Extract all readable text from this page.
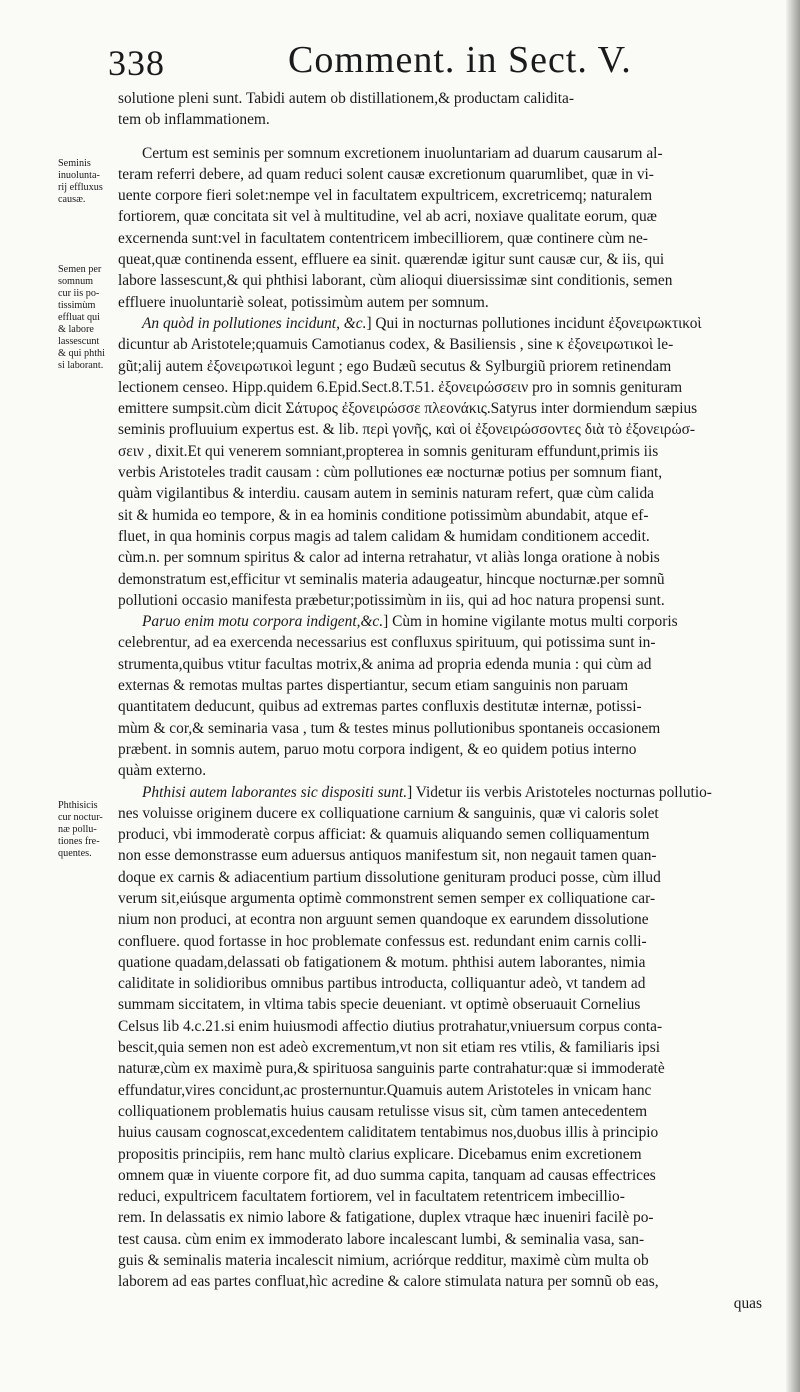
338	Comment. in Sect. V.
Seminis
inuolunta-
rij effluxus
causæ.
Semen per
somnum
cur iis po-
tissimùm
effluat qui
& labore
lassescunt
& qui phthi
si laborant.
Phthisicis
cur noctur-
næ pollu-
tiones fre-
quentes.
solutione pleni sunt. Tabidi autem ob distillationem,& productam calidita-
tem ob inflammationem.
Certum est seminis per somnum excretionem inuoluntariam ad duarum causarum al-
teram referri debere, ad quam reduci solent causæ excretionum quarumlibet, quæ in vi-
uente corpore fieri solet:nempe vel in facultatem expultricem, excretricemq; naturalem
fortiorem, quæ concitata sit vel à multitudine, vel ab acri, noxiave qualitate eorum, quæ
excernenda sunt:vel in facultatem contentricem imbecilliorem, quæ continere cùm ne-
queat,quæ continenda essent, effluere ea sinit. quærendæ igitur sunt causæ cur, & iis, qui
labore lassescunt,& qui phthisi laborant, cùm alioqui diuersissimæ sint conditionis, semen
effluere inuoluntariè soleat, potissimùm autem per somnum.
An quòd in pollutiones incidunt, &c.] Qui in nocturnas pollutiones incidunt ἐξονειρωκτικοὶ
dicuntur ab Aristotele;quamuis Camotianus codex, & Basiliensis , sine κ ἐξονειρωτικοὶ le-
gũt;alij autem ἐξονειρωτικοὶ legunt ; ego Budæũ secutus & Sylburgiũ priorem retinendam
lectionem censeo. Hipp.quidem 6.Epid.Sect.8.T.51. ἐξονειρώσσειν pro in somnis genituram
emittere sumpsit.cùm dicit Σάτυρος ἐξονειρώσσε πλεονάκις.Satyrus inter dormiendum sæpius
seminis profluuium expertus est. & lib. περὶ γονῆς, καὶ οἱ ἐξονειρώσσοντες διὰ τὸ ἐξονειρώσ-
σειν , dixit.Et qui venerem somniant,propterea in somnis genituram effundunt,primis iis
verbis Aristoteles tradit causam : cùm pollutiones eæ nocturnæ potius per somnum fiant,
quàm vigilantibus & interdiu. causam autem in seminis naturam refert, quæ cùm calida
sit & humida eo tempore, & in ea hominis conditione potissimùm abundabit, atque ef-
fluet, in qua hominis corpus magis ad talem calidam & humidam conditionem accedit.
cùm.n. per somnum spiritus & calor ad interna retrahatur, vt aliàs longa oratione à nobis
demonstratum est,efficitur vt seminalis materia adaugeatur, hincque nocturnæ.per somnũ
pollutioni occasio manifesta præbetur;potissimùm in iis, qui ad hoc natura propensi sunt.
Paruo enim motu corpora indigent,&c.] Cùm in homine vigilante motus multi corporis
celebrentur, ad ea exercenda necessarius est confluxus spirituum, qui potissima sunt in-
strumenta,quibus vtitur facultas motrix,& anima ad propria edenda munia : qui cùm ad
externas & remotas multas partes dispertiantur, secum etiam sanguinis non paruam
quantitatem deducunt, quibus ad extremas partes confluxis destitutæ internæ, potissi-
mùm & cor,& seminaria vasa , tum & testes minus pollutionibus spontaneis occasionem
præbent. in somnis autem, paruo motu corpora indigent, & eo quidem potius interno
quàm externo.
Phthisi autem laborantes sic dispositi sunt.] Videtur iis verbis Aristoteles nocturnas pollutio-
nes voluisse originem ducere ex colliquatione carnium & sanguinis, quæ vi caloris solet
produci, vbi immoderatè corpus afficiat: & quamuis aliquando semen colliquamentum
non esse demonstrasse eum aduersus antiquos manifestum sit, non negauit tamen quan-
doque ex carnis & adiacentium partium dissolutione genituram produci posse, cùm illud
verum sit,eiúsque argumenta optimè commonstrent semen semper ex colliquatione car-
nium non produci, at econtra non arguunt semen quandoque ex earundem dissolutione
confluere. quod fortasse in hoc problemate confessus est. redundant enim carnis colli-
quatione quadam,delassati ob fatigationem & motum. phthisi autem laborantes, nimia
caliditate in solidioribus omnibus partibus introducta, colliquantur adeò, vt tandem ad
summam siccitatem, in vltima tabis specie deueniant. vt optimè obseruauit Cornelius
Celsus lib 4.c.21.si enim huiusmodi affectio diutius protrahatur,vniuersum corpus conta-
bescit,quia semen non est adeò excrementum,vt non sit etiam res vtilis, & familiaris ipsi
naturæ,cùm ex maximè pura,& spirituosa sanguinis parte contrahatur:quæ si immoderatè
effundatur,vires concidunt,ac prosternuntur.Quamuis autem Aristoteles in vnicam hanc
colliquationem problematis huius causam retulisse visus sit, cùm tamen antecedentem
huius causam cognoscat,excedentem caliditatem tentabimus nos,duobus illis à principio
propositis principiis, rem hanc multò clarius explicare. Dicebamus enim excretionem
omnem quæ in viuente corpore fit, ad duo summa capita, tanquam ad causas effectrices
reduci, expultricem facultatem fortiorem, vel in facultatem retentricem imbecillio-
rem. In delassatis ex nimio labore & fatigatione, duplex vtraque hæc inueniri facilè po-
test causa. cùm enim ex immoderato labore incalescant lumbi, & seminalia vasa, san-
guis & seminalis materia incalescit nimium, acriórque redditur, maximè cùm multa ob
laborem ad eas partes confluat,hìc acredine & calore stimulata natura per somnũ ob eas,
quas
